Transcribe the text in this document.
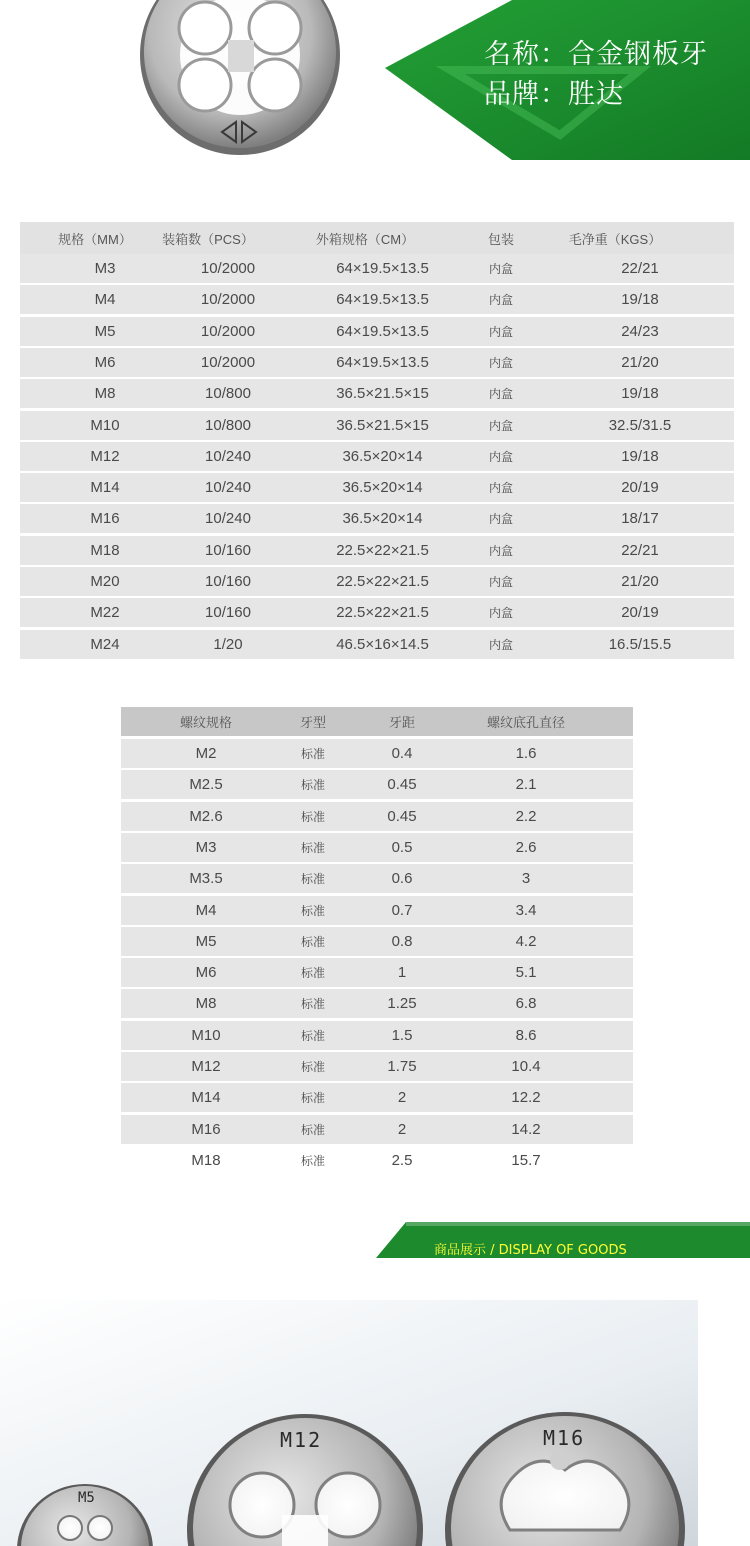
名称：合金钢板牙
品牌：胜达
规格（MM）	装箱数（PCS）	外箱规格（CM）	包装	毛净重（KGS）
M3	10/2000	64×19.5×13.5	内盒	22/21
M4	10/2000	64×19.5×13.5	内盒	19/18
M5	10/2000	64×19.5×13.5	内盒	24/23
M6	10/2000	64×19.5×13.5	内盒	21/20
M8	10/800	36.5×21.5×15	内盒	19/18
M10	10/800	36.5×21.5×15	内盒	32.5/31.5
M12	10/240	36.5×20×14	内盒	19/18
M14	10/240	36.5×20×14	内盒	20/19
M16	10/240	36.5×20×14	内盒	18/17
M18	10/160	22.5×22×21.5	内盒	22/21
M20	10/160	22.5×22×21.5	内盒	21/20
M22	10/160	22.5×22×21.5	内盒	20/19
M24	1/20	46.5×16×14.5	内盒	16.5/15.5
螺纹规格	牙型	牙距	螺纹底孔直径
M2	标准	0.4	1.6
M2.5	标准	0.45	2.1
M2.6	标准	0.45	2.2
M3	标准	0.5	2.6
M3.5	标准	0.6	3
M4	标准	0.7	3.4
M5	标准	0.8	4.2
M6	标准	1	5.1
M8	标准	1.25	6.8
M10	标准	1.5	8.6
M12	标准	1.75	10.4
M14	标准	2	12.2
M16	标准	2	14.2
M18	标准	2.5	15.7
商品展示 / DISPLAY OF GOODS
M5
M12	M16
